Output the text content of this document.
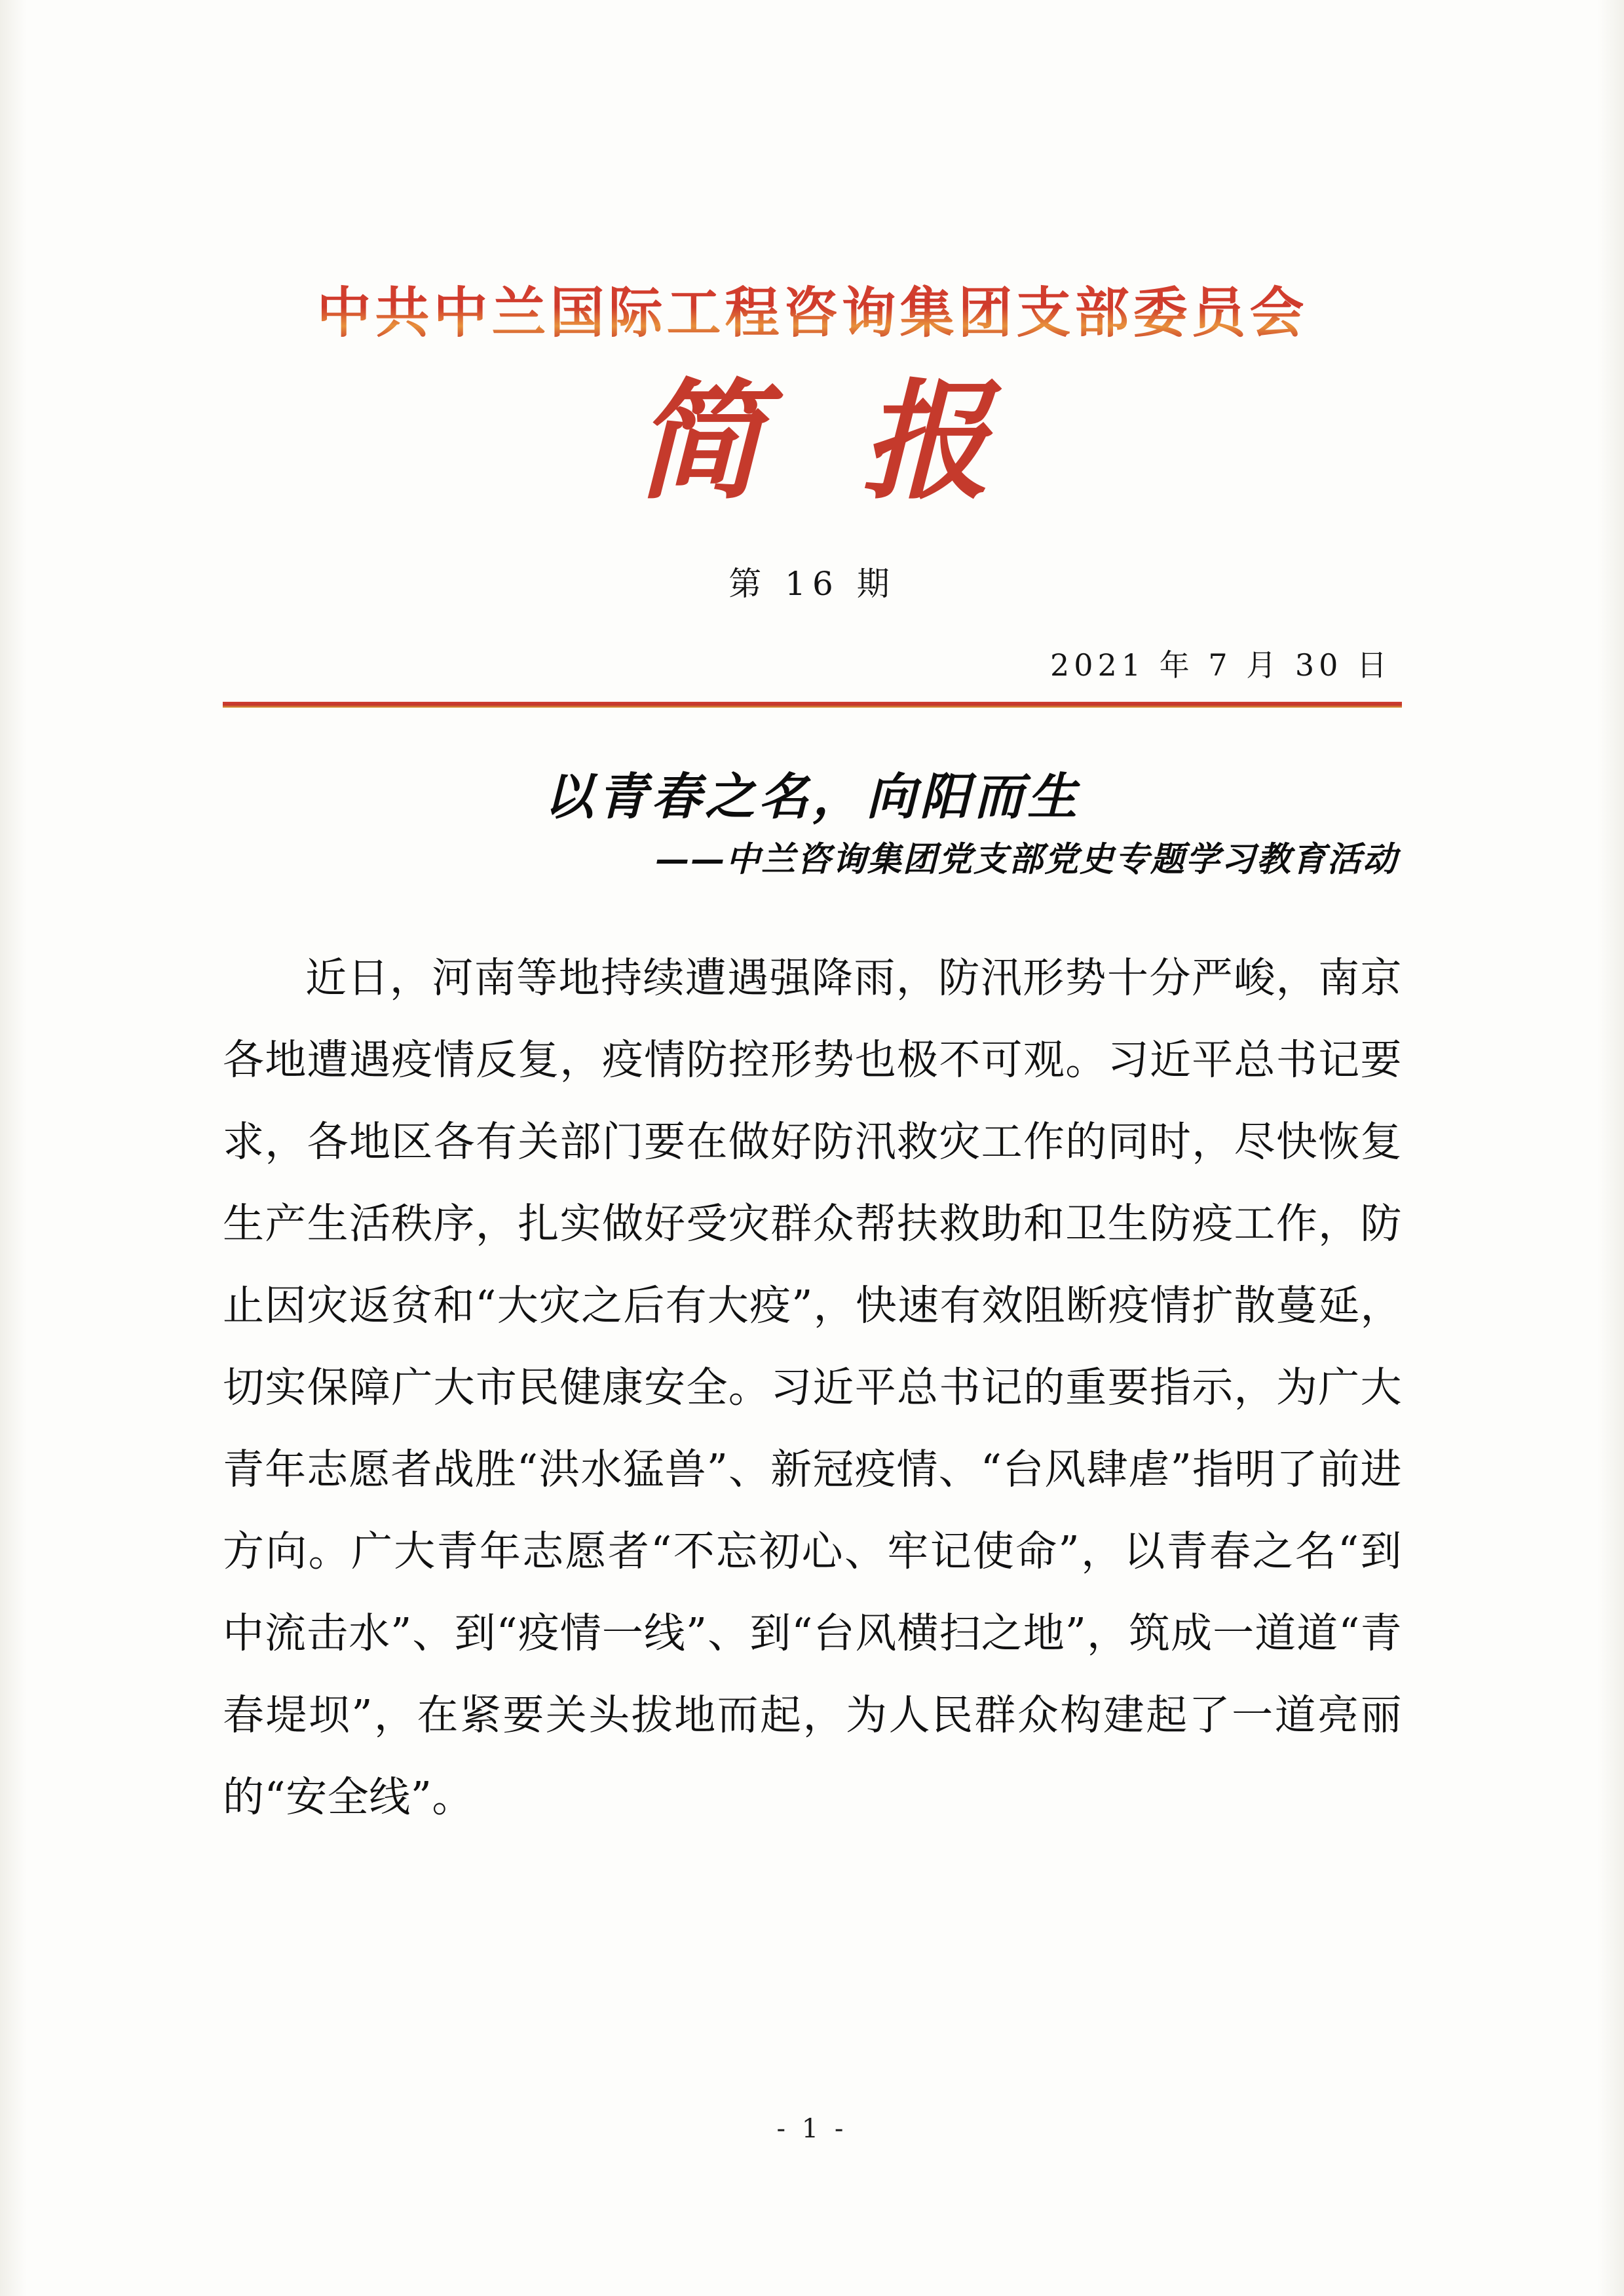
中共中兰国际工程咨询集团支部委员会
简报
第 16 期
2021 年 7 月 30 日
以青春之名，向阳而生
——中兰咨询集团党支部党史专题学习教育活动

近日，河南等地持续遭遇强降雨，防汛形势十分严峻，南京各地遭遇疫情反复，疫情防控形势也极不可观。习近平总书记要求，各地区各有关部门要在做好防汛救灾工作的同时，尽快恢复生产生活秩序，扎实做好受灾群众帮扶救助和卫生防疫工作，防止因灾返贫和“大灾之后有大疫”，快速有效阻断疫情扩散蔓延，切实保障广大市民健康安全。习近平总书记的重要指示，为广大青年志愿者战胜“洪水猛兽”、新冠疫情、“台风肆虐”指明了前进方向。广大青年志愿者“不忘初心、牢记使命”，以青春之名“到中流击水”、到“疫情一线”、到“台风横扫之地”，筑成一道道“青春堤坝”，在紧要关头拔地而起，为人民群众构建起了一道亮丽的“安全线”。

- 1 -
